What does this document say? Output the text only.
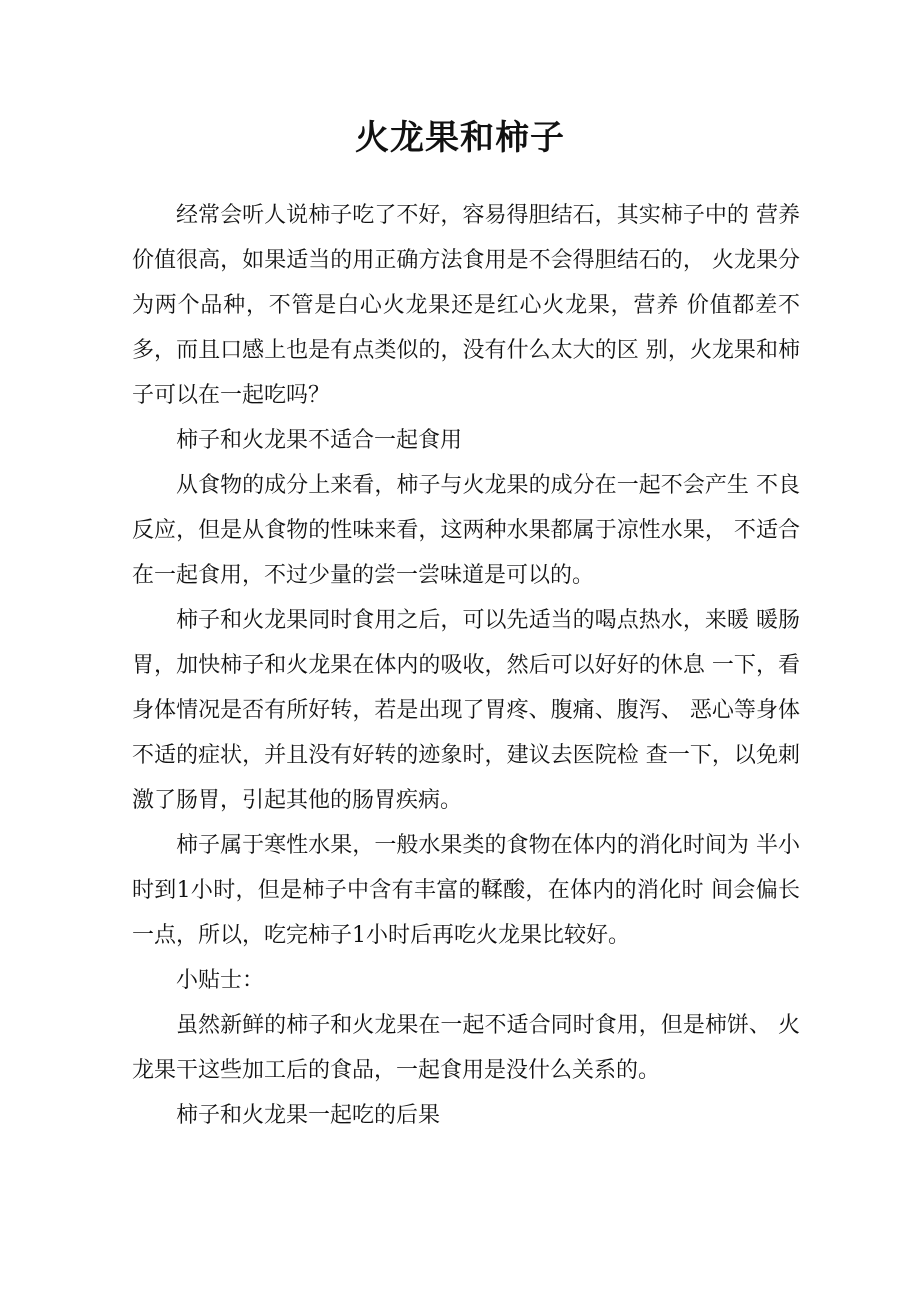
火龙果和柿子

经常会听人说柿子吃了不好，容易得胆结石，其实柿子中的 营养价值很高，如果适当的用正确方法食用是不会得胆结石的， 火龙果分为两个品种，不管是白心火龙果还是红心火龙果，营养 价值都差不多，而且口感上也是有点类似的，没有什么太大的区 别，火龙果和柿子可以在一起吃吗？

柿子和火龙果不适合一起食用

从食物的成分上来看，柿子与火龙果的成分在一起不会产生 不良反应，但是从食物的性味来看，这两种水果都属于凉性水果， 不适合在一起食用，不过少量的尝一尝味道是可以的。

柿子和火龙果同时食用之后，可以先适当的喝点热水，来暖 暖肠胃，加快柿子和火龙果在体内的吸收，然后可以好好的休息 一下，看身体情况是否有所好转，若是出现了胃疼、腹痛、腹泻、 恶心等身体不适的症状，并且没有好转的迹象时，建议去医院检 查一下，以免刺激了肠胃，引起其他的肠胃疾病。

柿子属于寒性水果，一般水果类的食物在体内的消化时间为 半小时到1小时，但是柿子中含有丰富的鞣酸，在体内的消化时 间会偏长一点，所以，吃完柿子1小时后再吃火龙果比较好。

小贴士：

虽然新鲜的柿子和火龙果在一起不适合同时食用，但是柿饼、 火龙果干这些加工后的食品，一起食用是没什么关系的。

柿子和火龙果一起吃的后果
